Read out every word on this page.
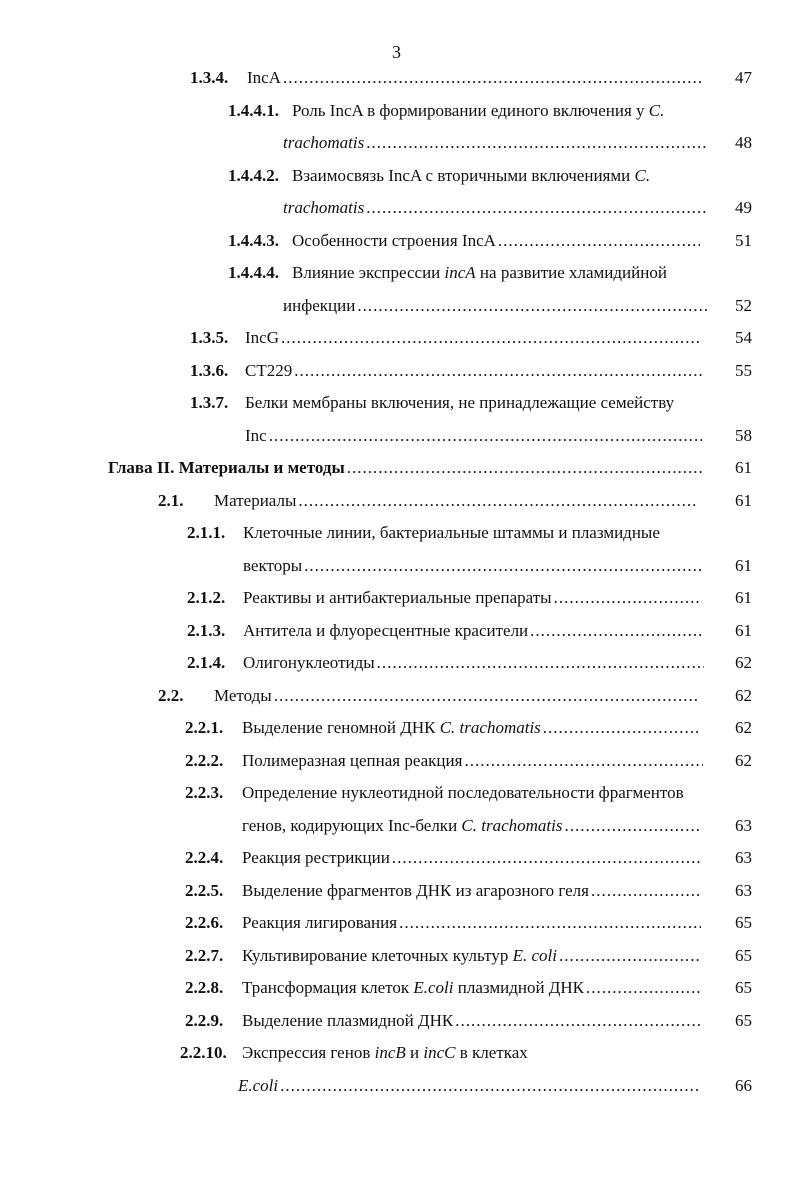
3
1.3.4. IncA .....	47
1.4.4.1. Роль IncA в формировании единого включения у C.
trachomatis .....	48
1.4.4.2. Взаимосвязь IncA с вторичными включениями C.
trachomatis .....	49
1.4.4.3. Особенности строения IncA .....	51
1.4.4.4. Влияние экспрессии incA на развитие хламидийной
инфекции .....	52
1.3.5. IncG .....	54
1.3.6. CT229 .....	55
1.3.7. Белки мембраны включения, не принадлежащие семейству
Inc .....	58
Глава II. Материалы и методы .....	61
2.1. Материалы .....	61
2.1.1. Клеточные линии, бактериальные штаммы и плазмидные
векторы .....	61
2.1.2. Реактивы и антибактериальные препараты .....	61
2.1.3. Антитела и флуоресцентные красители .....	61
2.1.4. Олигонуклеотиды .....	62
2.2. Методы .....	62
2.2.1. Выделение геномной ДНК C. trachomatis .....	62
2.2.2. Полимеразная цепная реакция .....	62
2.2.3. Определение нуклеотидной последовательности фрагментов
генов, кодирующих Inc-белки C. trachomatis .....	63
2.2.4. Реакция рестрикции .....	63
2.2.5. Выделение фрагментов ДНК из агарозного геля .....	63
2.2.6. Реакция лигирования .....	65
2.2.7. Культивирование клеточных культур E. coli .....	65
2.2.8. Трансформация клеток E.coli плазмидной ДНК .....	65
2.2.9. Выделение плазмидной ДНК .....	65
2.2.10. Экспрессия генов incB и incC в клетках
E.coli .....	66
